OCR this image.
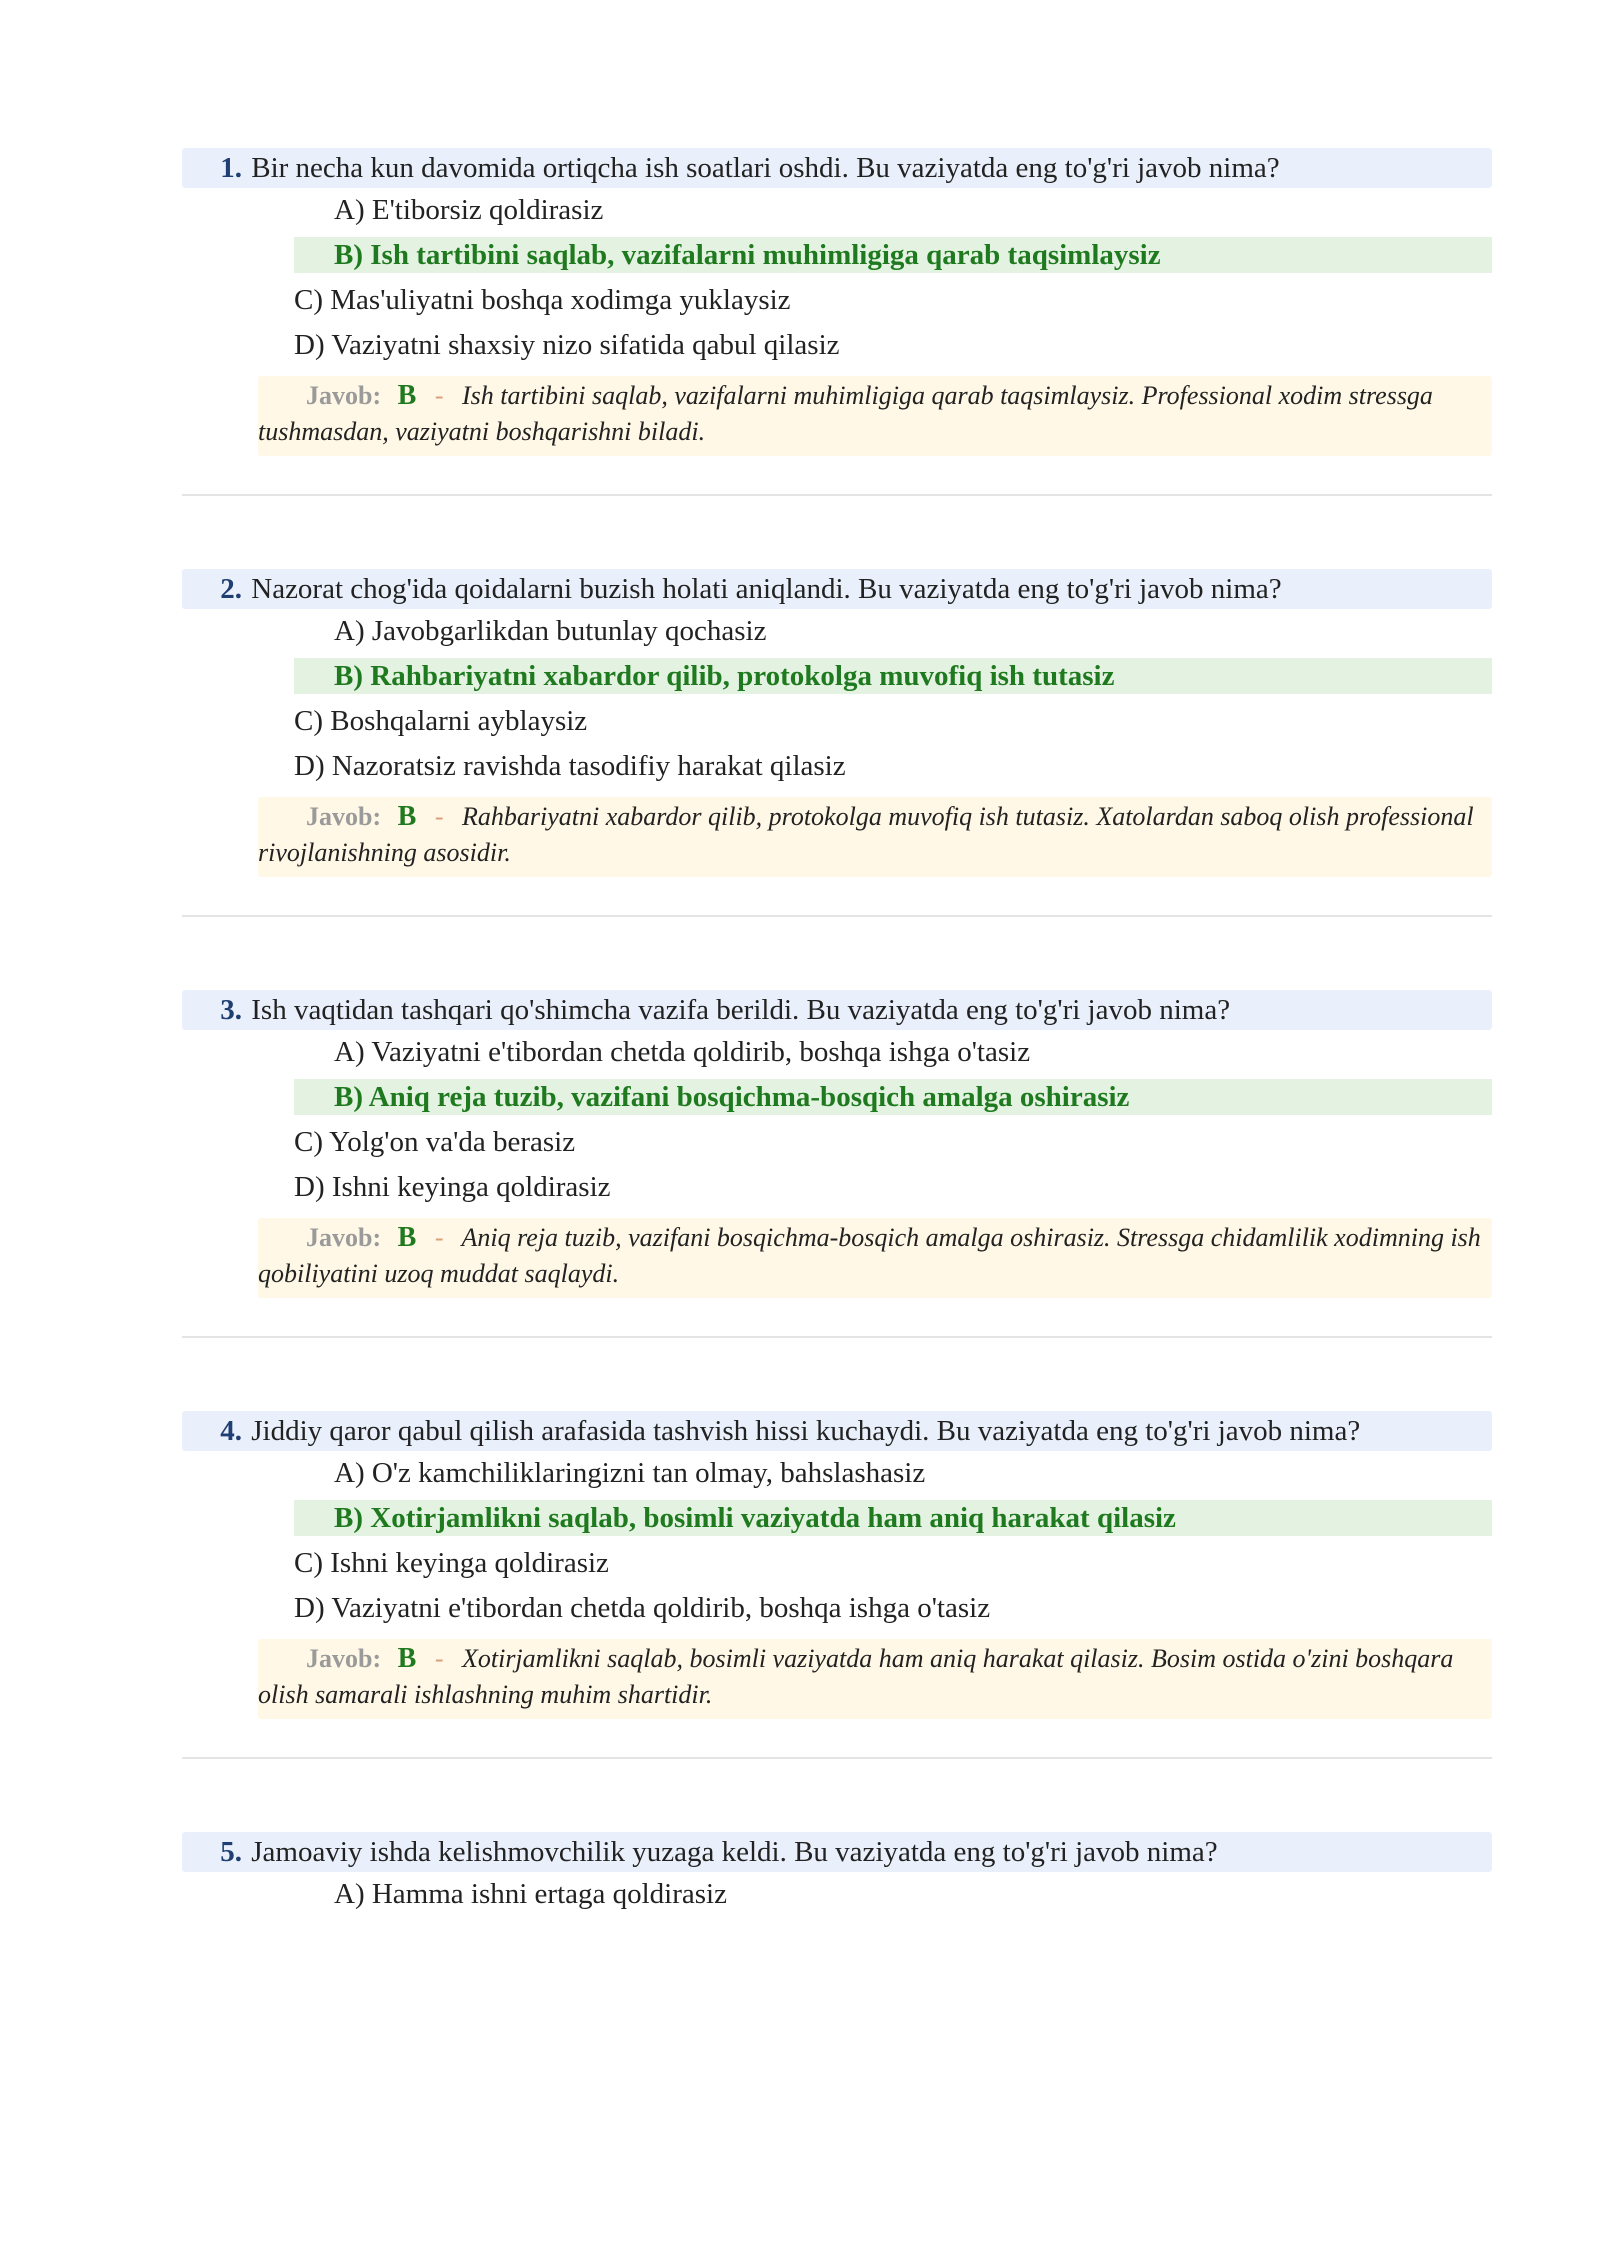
1. Bir necha kun davomida ortiqcha ish soatlari oshdi. Bu vaziyatda eng to'g'ri javob nima?
A) E'tiborsiz qoldirasiz
B) Ish tartibini saqlab, vazifalarni muhimligiga qarab taqsimlaysiz
C) Mas'uliyatni boshqa xodimga yuklaysiz
D) Vaziyatni shaxsiy nizo sifatida qabul qilasiz
Javob: B - Ish tartibini saqlab, vazifalarni muhimligiga qarab taqsimlaysiz. Professional xodim stressga tushmasdan, vaziyatni boshqarishni biladi.
2. Nazorat chog'ida qoidalarni buzish holati aniqlandi. Bu vaziyatda eng to'g'ri javob nima?
A) Javobgarlikdan butunlay qochasiz
B) Rahbariyatni xabardor qilib, protokolga muvofiq ish tutasiz
C) Boshqalarni ayblaysiz
D) Nazoratsiz ravishda tasodifiy harakat qilasiz
Javob: B - Rahbariyatni xabardor qilib, protokolga muvofiq ish tutasiz. Xatolardan saboq olish professional rivojlanishning asosidir.
3. Ish vaqtidan tashqari qo'shimcha vazifa berildi. Bu vaziyatda eng to'g'ri javob nima?
A) Vaziyatni e'tibordan chetda qoldirib, boshqa ishga o'tasiz
B) Aniq reja tuzib, vazifani bosqichma-bosqich amalga oshirasiz
C) Yolg'on va'da berasiz
D) Ishni keyinga qoldirasiz
Javob: B - Aniq reja tuzib, vazifani bosqichma-bosqich amalga oshirasiz. Stressga chidamlilik xodimning ish qobiliyatini uzoq muddat saqlaydi.
4. Jiddiy qaror qabul qilish arafasida tashvish hissi kuchaydi. Bu vaziyatda eng to'g'ri javob nima?
A) O'z kamchiliklaringizni tan olmay, bahslashasiz
B) Xotirjamlikni saqlab, bosimli vaziyatda ham aniq harakat qilasiz
C) Ishni keyinga qoldirasiz
D) Vaziyatni e'tibordan chetda qoldirib, boshqa ishga o'tasiz
Javob: B - Xotirjamlikni saqlab, bosimli vaziyatda ham aniq harakat qilasiz. Bosim ostida o'zini boshqara olish samarali ishlashning muhim shartidir.
5. Jamoaviy ishda kelishmovchilik yuzaga keldi. Bu vaziyatda eng to'g'ri javob nima?
A) Hamma ishni ertaga qoldirasiz
